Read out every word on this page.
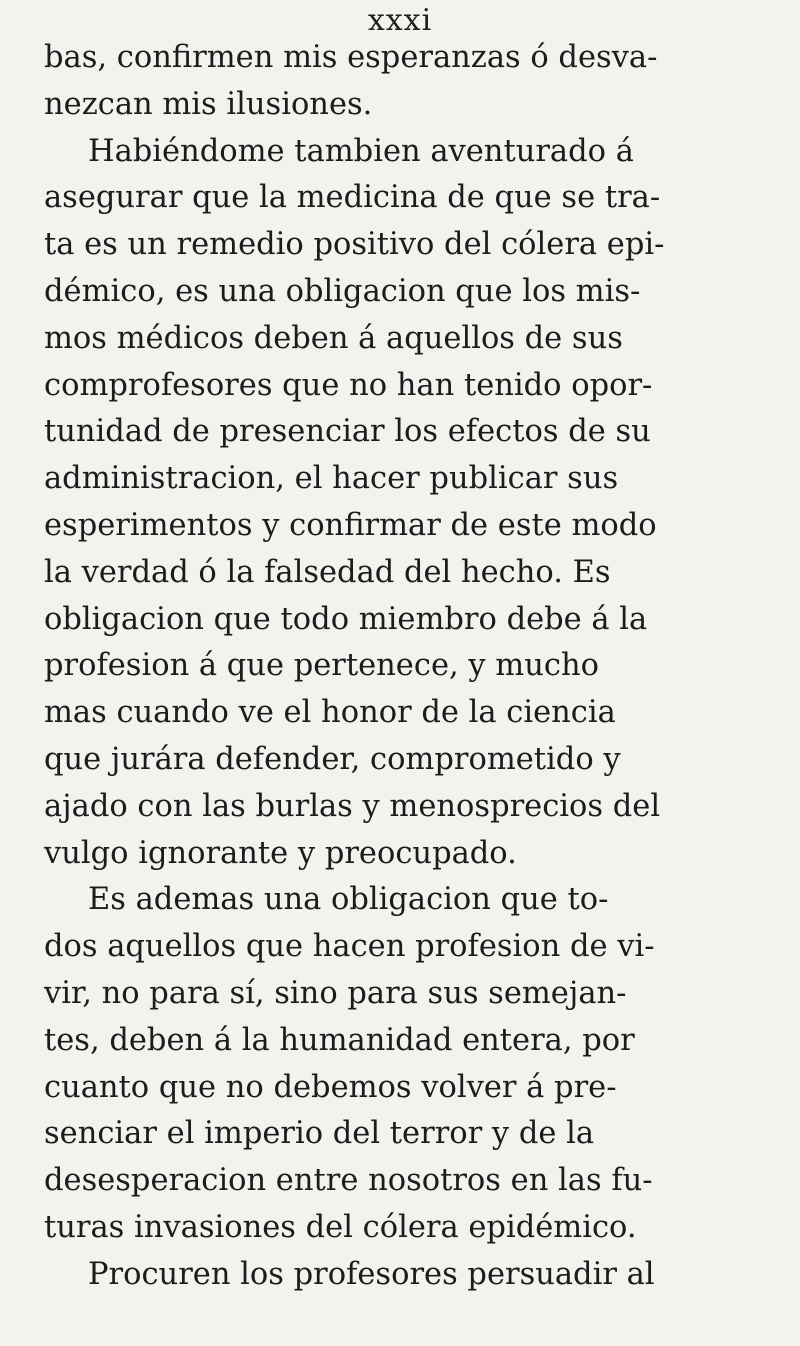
xxxi
bas, confirmen mis esperanzas ó desva-
nezcan mis ilusiones.
Habiéndome tambien aventurado á
asegurar que la medicina de que se tra-
ta es un remedio positivo del cólera epi-
démico, es una obligacion que los mis-
mos médicos deben á aquellos de sus
comprofesores que no han tenido opor-
tunidad de presenciar los efectos de su
administracion, el hacer publicar sus
esperimentos y confirmar de este modo
la verdad ó la falsedad del hecho. Es
obligacion que todo miembro debe á la
profesion á que pertenece, y mucho
mas cuando ve el honor de la ciencia
que jurára defender, comprometido y
ajado con las burlas y menosprecios del
vulgo ignorante y preocupado.
Es ademas una obligacion que to-
dos aquellos que hacen profesion de vi-
vir, no para sí, sino para sus semejan-
tes, deben á la humanidad entera, por
cuanto que no debemos volver á pre-
senciar el imperio del terror y de la
desesperacion entre nosotros en las fu-
turas invasiones del cólera epidémico.
Procuren los profesores persuadir al
